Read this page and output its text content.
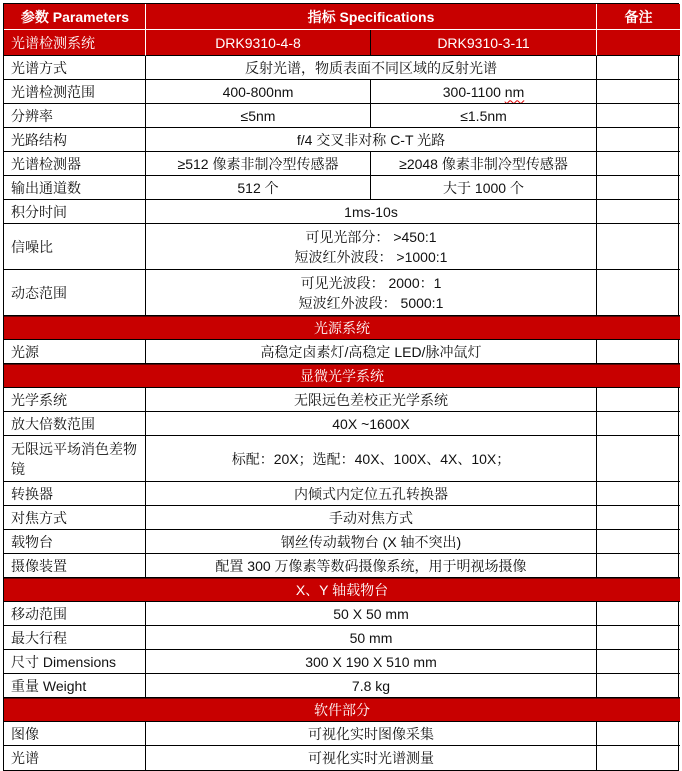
参数 Parameters	指标 Specifications		备注
光谱检测系统	DRK9310-4-8	DRK9310-3-11	
光谱方式	反射光谱，物质表面不同区域的反射光谱		
光谱检测范围	400-800nm	300-1100 nm	
分辨率	≤5nm	≤1.5nm	
光路结构	f/4 交叉非对称 C-T 光路		
光谱检测器	≥512 像素非制冷型传感器	≥2048 像素非制冷型传感器	
输出通道数	512 个	大于 1000 个	
积分时间	1ms-10s		
信噪比	可见光部分： >450:1
短波红外波段： >1000:1		

动态范围	可见光波段： 2000：1
短波红外波段： 5000:1		

光源系统			
光源	高稳定卤素灯/高稳定 LED/脉冲氙灯		
显微光学系统			
光学系统	无限远色差校正光学系统		
放大倍数范围	40X ~1600X		
无限远平场消色差物镜	标配：20X；选配：40X、100X、4X、10X；		
转换器	内倾式内定位五孔转换器		
对焦方式	手动对焦方式		
载物台	钢丝传动载物台 (X 轴不突出)		
摄像装置	配置 300 万像素等数码摄像系统，用于明视场摄像		
X、Y 轴载物台			
移动范围	50 X 50 mm		
最大行程	50 mm		
尺寸 Dimensions	300 X 190 X 510 mm		
重量 Weight	7.8 kg		
软件部分			
图像	可视化实时图像采集		
光谱	可视化实时光谱测量		
